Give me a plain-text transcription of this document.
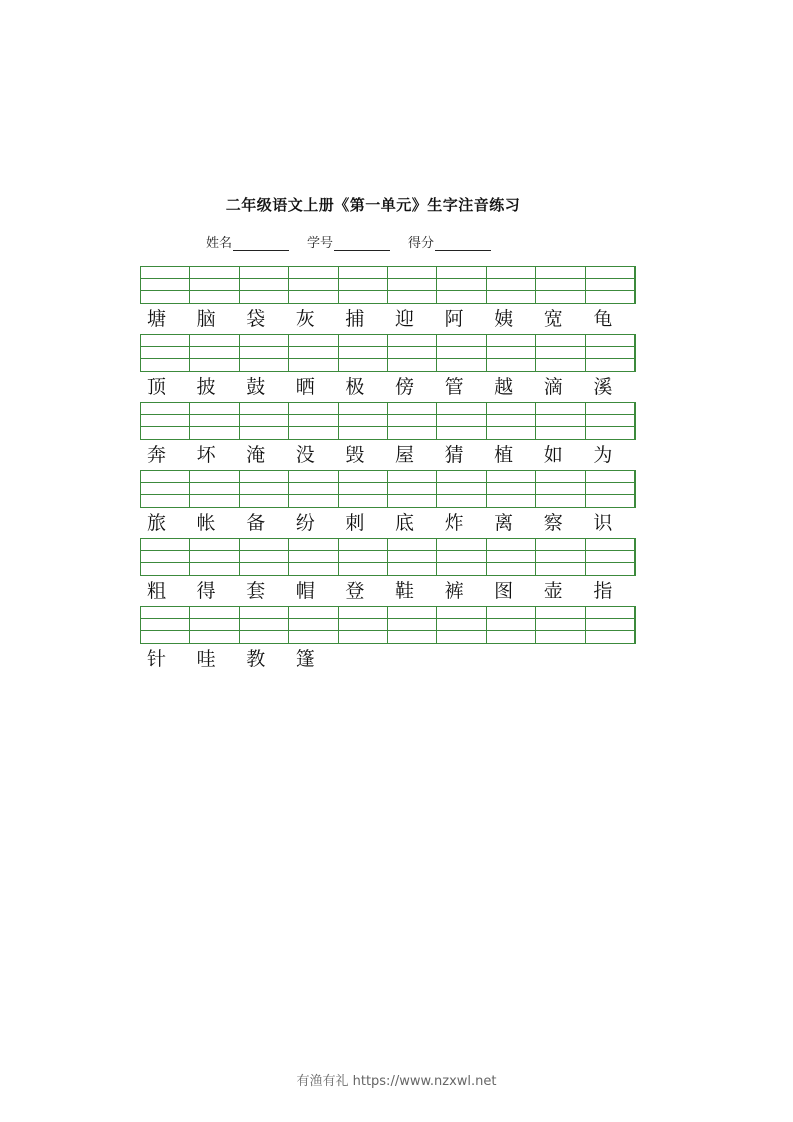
二年级语文上册《第一单元》生字注音练习
姓名	学号	得分
塘	脑	袋	灰	捕	迎	阿	姨	宽	龟
顶	披	鼓	晒	极	傍	管	越	滴	溪
奔	坏	淹	没	毁	屋	猜	植	如	为
旅	帐	备	纷	刺	底	炸	离	察	识
粗	得	套	帽	登	鞋	裤	图	壶	指
针	哇	教	篷
有渔有礼 https://www.nzxwl.net
